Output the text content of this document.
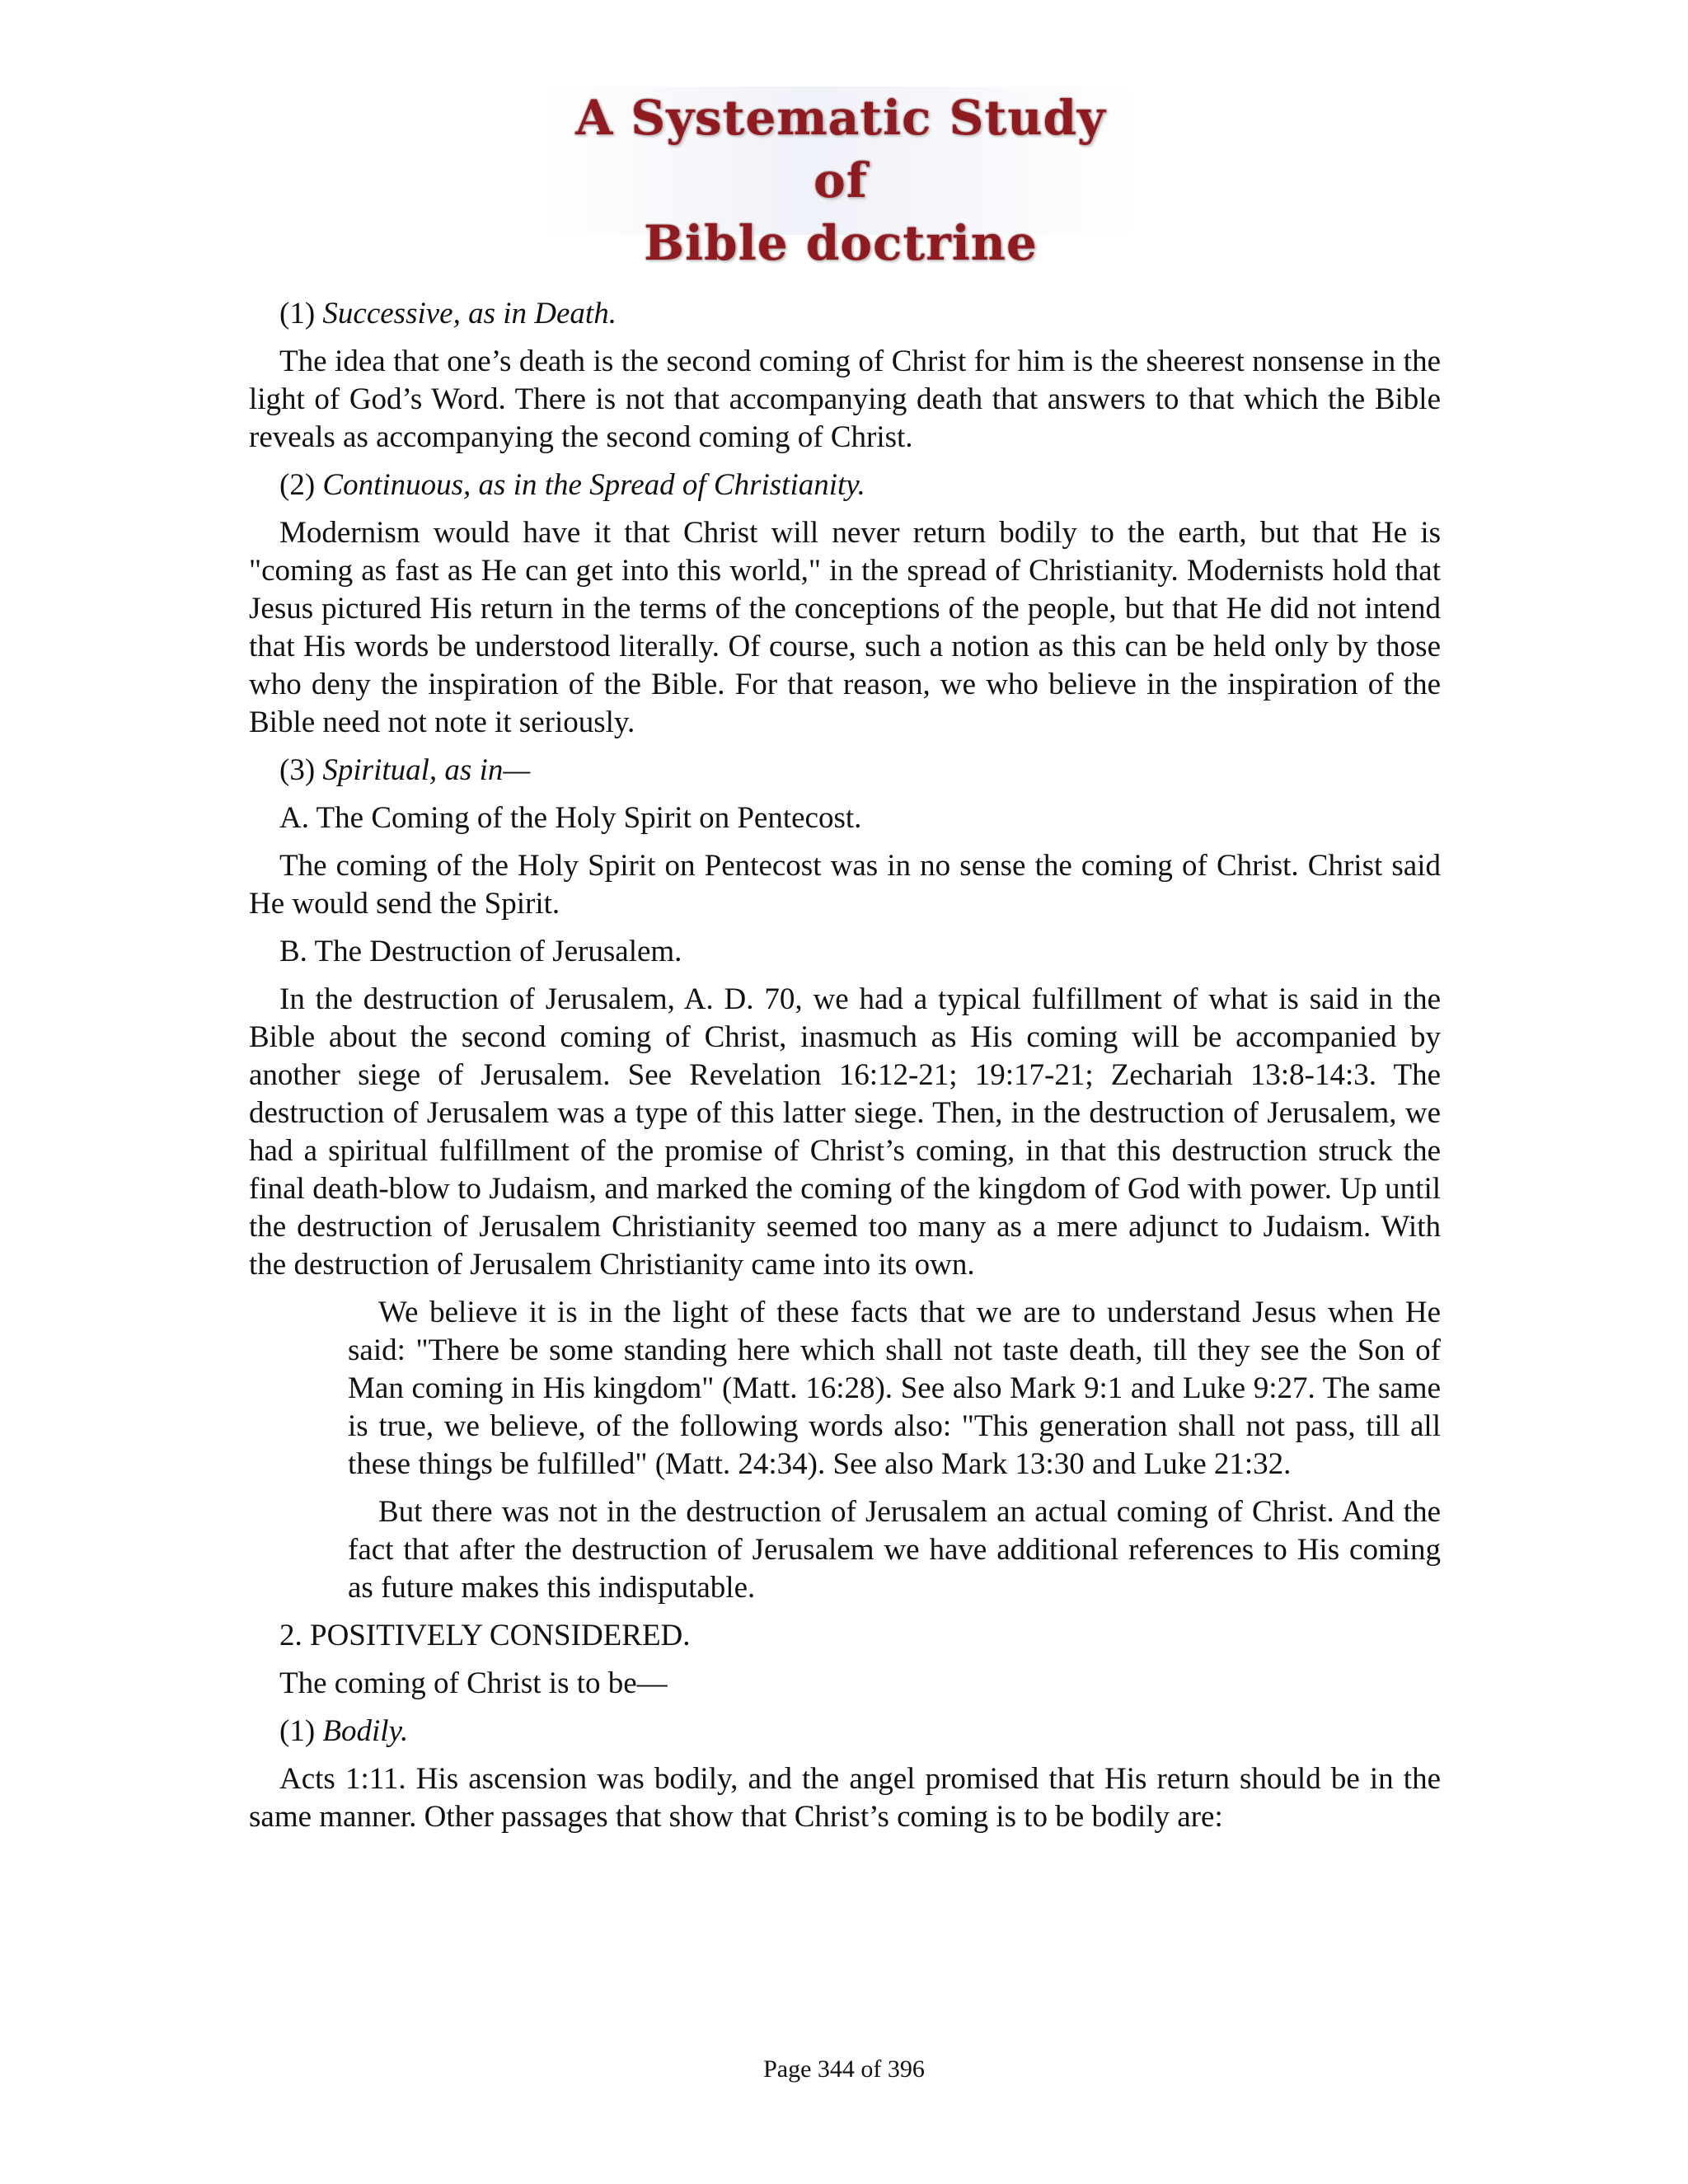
A Systematic Study of
Bible doctrine

(1) Successive, as in Death.

The idea that one’s death is the second coming of Christ for him is the sheerest nonsense in the light of God’s Word. There is not that accompanying death that answers to that which the Bible reveals as accompanying the second coming of Christ.

(2) Continuous, as in the Spread of Christianity.

Modernism would have it that Christ will never return bodily to the earth, but that He is "coming as fast as He can get into this world," in the spread of Christianity. Modernists hold that Jesus pictured His return in the terms of the conceptions of the people, but that He did not intend that His words be understood literally. Of course, such a notion as this can be held only by those who deny the inspiration of the Bible. For that reason, we who believe in the inspiration of the Bible need not note it seriously.

(3) Spiritual, as in—

A. The Coming of the Holy Spirit on Pentecost.

The coming of the Holy Spirit on Pentecost was in no sense the coming of Christ. Christ said He would send the Spirit.

B. The Destruction of Jerusalem.

In the destruction of Jerusalem, A. D. 70, we had a typical fulfillment of what is said in the Bible about the second coming of Christ, inasmuch as His coming will be accompanied by another siege of Jerusalem. See Revelation 16:12-21; 19:17-21; Zechariah 13:8-14:3. The destruction of Jerusalem was a type of this latter siege. Then, in the destruction of Jerusalem, we had a spiritual fulfillment of the promise of Christ’s coming, in that this destruction struck the final death-blow to Judaism, and marked the coming of the kingdom of God with power. Up until the destruction of Jerusalem Christianity seemed too many as a mere adjunct to Judaism. With the destruction of Jerusalem Christianity came into its own.

We believe it is in the light of these facts that we are to understand Jesus when He said: "There be some standing here which shall not taste death, till they see the Son of Man coming in His kingdom" (Matt. 16:28). See also Mark 9:1 and Luke 9:27. The same is true, we believe, of the following words also: "This generation shall not pass, till all these things be fulfilled" (Matt. 24:34). See also Mark 13:30 and Luke 21:32.

But there was not in the destruction of Jerusalem an actual coming of Christ. And the fact that after the destruction of Jerusalem we have additional references to His coming as future makes this indisputable.

2. POSITIVELY CONSIDERED.

The coming of Christ is to be—

(1) Bodily.

Acts 1:11. His ascension was bodily, and the angel promised that His return should be in the same manner. Other passages that show that Christ’s coming is to be bodily are:

Page 344 of 396
